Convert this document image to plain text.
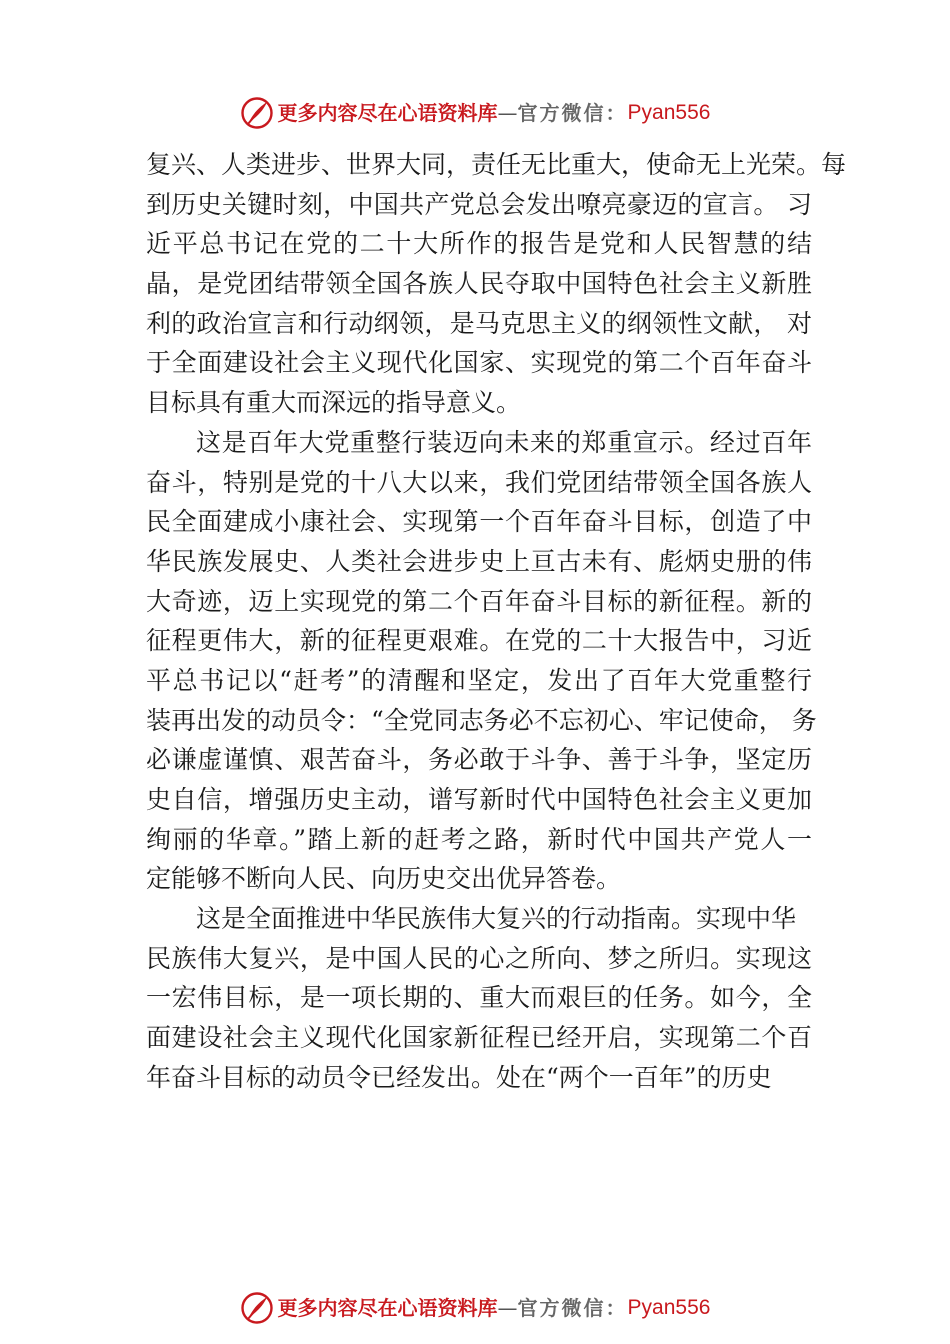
更多内容尽在心语资料库 — 官方微信： Pyan556
复兴、人类进步、世界大同，责任无比重大，使命无上光荣。每
到历史关键时刻，中国共产党总会发出嘹亮豪迈的宣言。 习
近平总书记在党的二十大所作的报告是党和人民智慧的结
晶，是党团结带领全国各族人民夺取中国特色社会主义新胜
利的政治宣言和行动纲领，是马克思主义的纲领性文献， 对
于全面建设社会主义现代化国家、实现党的第二个百年奋斗
目标具有重大而深远的指导意义。
这是百年大党重整行装迈向未来的郑重宣示。经过百年
奋斗，特别是党的十八大以来，我们党团结带领全国各族人
民全面建成小康社会、实现第一个百年奋斗目标，创造了中
华民族发展史、人类社会进步史上亘古未有、彪炳史册的伟
大奇迹，迈上实现党的第二个百年奋斗目标的新征程。新的
征程更伟大，新的征程更艰难。在党的二十大报告中，习近
平总书记以“赶考”的清醒和坚定，发出了百年大党重整行
装再出发的动员令：“全党同志务必不忘初心、牢记使命， 务
必谦虚谨慎、艰苦奋斗，务必敢于斗争、善于斗争，坚定历
史自信，增强历史主动，谱写新时代中国特色社会主义更加
绚丽的华章。”踏上新的赶考之路，新时代中国共产党人一
定能够不断向人民、向历史交出优异答卷。
这是全面推进中华民族伟大复兴的行动指南。实现中华
民族伟大复兴，是中国人民的心之所向、梦之所归。实现这
一宏伟目标，是一项长期的、重大而艰巨的任务。如今，全
面建设社会主义现代化国家新征程已经开启，实现第二个百
年奋斗目标的动员令已经发出。处在“两个一百年”的历史
更多内容尽在心语资料库 — 官方微信： Pyan556
